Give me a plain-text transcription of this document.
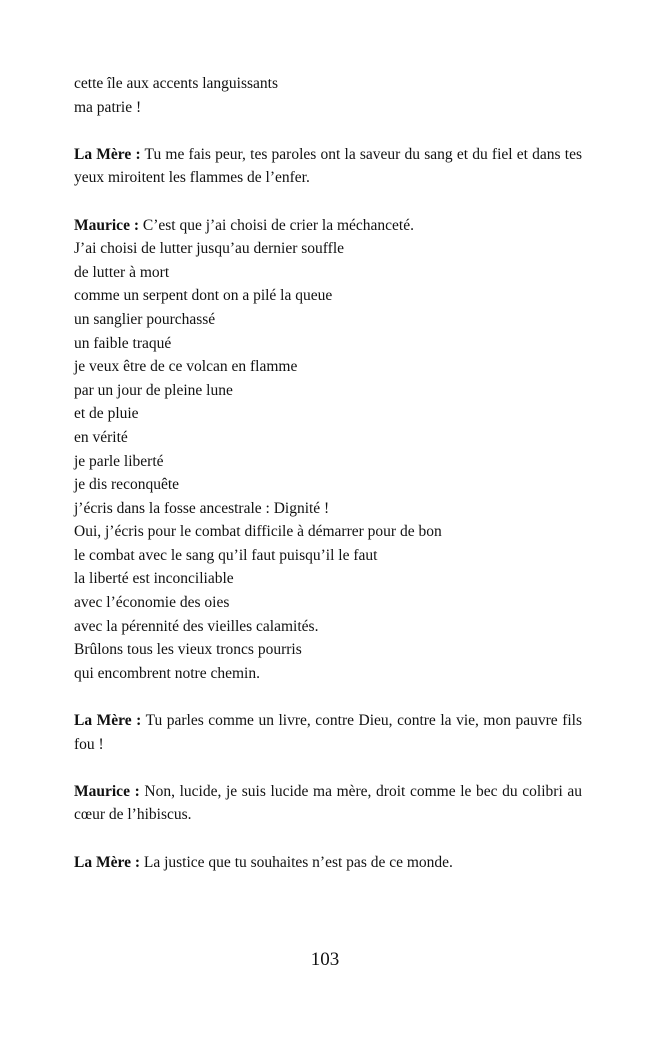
cette île aux accents languissants
ma patrie !

La Mère : Tu me fais peur, tes paroles ont la saveur du sang et du fiel et dans tes yeux miroitent les flammes de l’enfer.

Maurice : C’est que j’ai choisi de crier la méchanceté.
J’ai choisi de lutter jusqu’au dernier souffle
de lutter à mort
comme un serpent dont on a pilé la queue
un sanglier pourchassé
un faible traqué
je veux être de ce volcan en flamme
par un jour de pleine lune
et de pluie
en vérité
je parle liberté
je dis reconquête
j’écris dans la fosse ancestrale : Dignité !
Oui, j’écris pour le combat difficile à démarrer pour de bon
le combat avec le sang qu’il faut puisqu’il le faut
la liberté est inconciliable
avec l’économie des oies
avec la pérennité des vieilles calamités.
Brûlons tous les vieux troncs pourris
qui encombrent notre chemin.

La Mère : Tu parles comme un livre, contre Dieu, contre la vie, mon pauvre fils fou !

Maurice : Non, lucide, je suis lucide ma mère, droit comme le bec du colibri au cœur de l’hibiscus.

La Mère : La justice que tu souhaites n’est pas de ce monde.

103
